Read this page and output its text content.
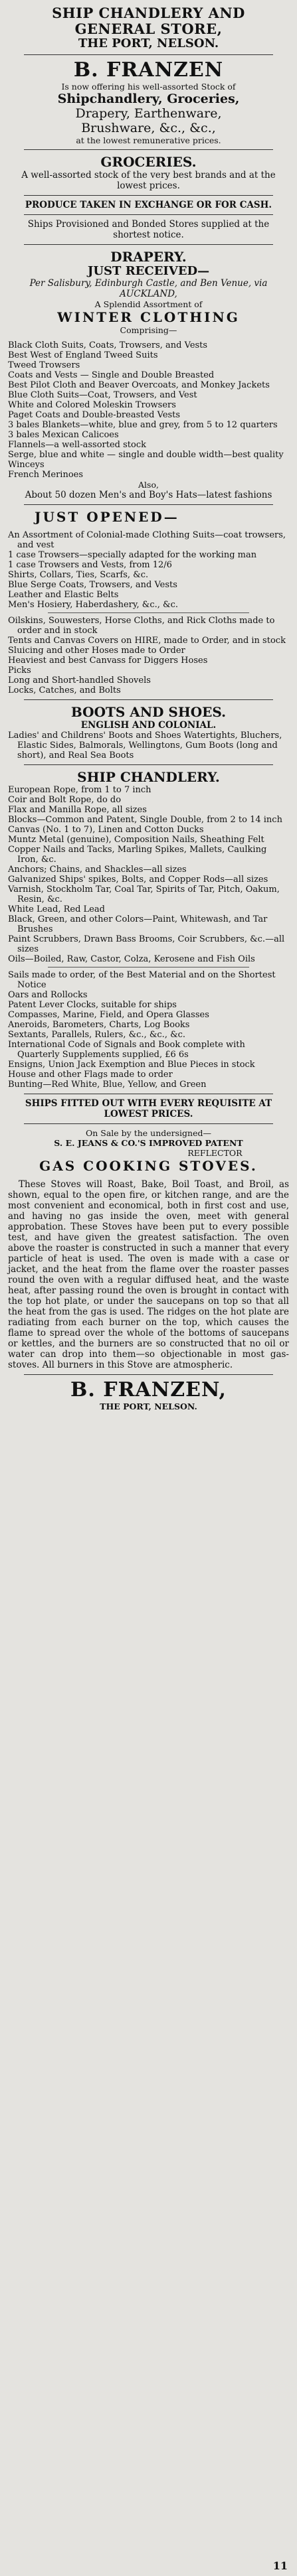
SHIP CHANDLERY AND
GENERAL STORE,
THE PORT, NELSON.
B. FRANZEN
Is now offering his well-assorted Stock of
Shipchandlery, Groceries,
Drapery, Earthenware,
Brushware, &c., &c.,
at the lowest remunerative prices.
GROCERIES.
A well-assorted stock of the very best brands and at the lowest prices.
PRODUCE TAKEN IN EXCHANGE OR FOR CASH.
Ships Provisioned and Bonded Stores supplied at the shortest notice.
DRAPERY.
JUST RECEIVED—
Per Salisbury, Edinburgh Castle, and Ben Venue, via AUCKLAND,
A Splendid Assortment of
WINTER CLOTHING
Comprising—
Black Cloth Suits, Coats, Trowsers, and Vests
Best West of England Tweed Suits
Tweed Trowsers
Coats and Vests — Single and Double Breasted
Best Pilot Cloth and Beaver Overcoats, and Monkey Jackets
Blue Cloth Suits—Coat, Trowsers, and Vest
White and Colored Moleskin Trowsers
Paget Coats and Double-breasted Vests
3 bales Blankets—white, blue and grey, from 5 to 12 quarters
3 bales Mexican Calicoes
Flannels—a well-assorted stock
Serge, blue and white — single and double width—best quality
Winceys
French Merinoes
Also,
About 50 dozen Men's and Boy's Hats—latest fashions
JUST OPENED—
An Assortment of Colonial-made Clothing Suits—coat trowsers, and vest
1 case Trowsers—specially adapted for the working man
1 case Trowsers and Vests, from 12/6
Shirts, Collars, Ties, Scarfs, &c.
Blue Serge Coats, Trowsers, and Vests
Leather and Elastic Belts
Men's Hosiery, Haberdashery, &c., &c.
Oilskins, Souwesters, Horse Cloths, and Rick Cloths made to order and in stock
Tents and Canvas Covers on HIRE, made to Order, and in stock
Sluicing and other Hoses made to Order
Heaviest and best Canvass for Diggers Hoses
Picks
Long and Short-handled Shovels
Locks, Catches, and Bolts
BOOTS AND SHOES.
ENGLISH AND COLONIAL.
Ladies' and Childrens' Boots and Shoes Watertights, Bluchers, Elastic Sides, Balmorals, Wellingtons, Gum Boots (long and short), and Real Sea Boots
SHIP CHANDLERY.
European Rope, from 1 to 7 inch
Coir and Bolt Rope, do do
Flax and Manilla Rope, all sizes
Blocks—Common and Patent, Single Double, from 2 to 14 inch
Canvas (No. 1 to 7), Linen and Cotton Ducks
Muntz Metal (genuine), Composition Nails, Sheathing Felt
Copper Nails and Tacks, Marling Spikes, Mallets, Caulking Iron, &c.
Anchors; Chains, and Shackles—all sizes
Galvanized Ships' spikes, Bolts, and Copper Rods—all sizes
Varnish, Stockholm Tar, Coal Tar, Spirits of Tar, Pitch, Oakum, Resin, &c.
White Lead, Red Lead
Black, Green, and other Colors—Paint, Whitewash, and Tar Brushes
Paint Scrubbers, Drawn Bass Brooms, Coir Scrubbers, &c.—all sizes
Oils—Boiled, Raw, Castor, Colza, Kerosene and Fish Oils
Sails made to order, of the Best Material and on the Shortest Notice
Oars and Rollocks
Patent Lever Clocks, suitable for ships
Compasses, Marine, Field, and Opera Glasses
Aneroids, Barometers, Charts, Log Books
Sextants, Parallels, Rulers, &c., &c., &c.
International Code of Signals and Book complete with Quarterly Supplements supplied, £6 6s
Ensigns, Union Jack Exemption and Blue Pieces in stock
House and other Flags made to order
Bunting—Red White, Blue, Yellow, and Green
SHIPS FITTED OUT WITH EVERY REQUISITE AT LOWEST PRICES.
On Sale by the undersigned—
S. E. JEANS & CO.'S IMPROVED PATENT
REFLECTOR
GAS COOKING STOVES.
These Stoves will Roast, Bake, Boil Toast, and Broil, as shown, equal to the open fire, or kitchen range, and are the most convenient and economical, both in first cost and use, and having no gas inside the oven, meet with general approbation. These Stoves have been put to every possible test, and have given the greatest satisfaction. The oven above the roaster is constructed in such a manner that every particle of heat is used. The oven is made with a case or jacket, and the heat from the flame over the roaster passes round the oven with a regular diffused heat, and the waste heat, after passing round the oven is brought in contact with the top hot plate, or under the saucepans on top so that all the heat from the gas is used. The ridges on the hot plate are radiating from each burner on the top, which causes the flame to spread over the whole of the bottoms of saucepans or kettles, and the burners are so constructed that no oil or water can drop into them—so objectionable in most gas-stoves. All burners in this Stove are atmospheric.
B. FRANZEN,
THE PORT, NELSON.
11
